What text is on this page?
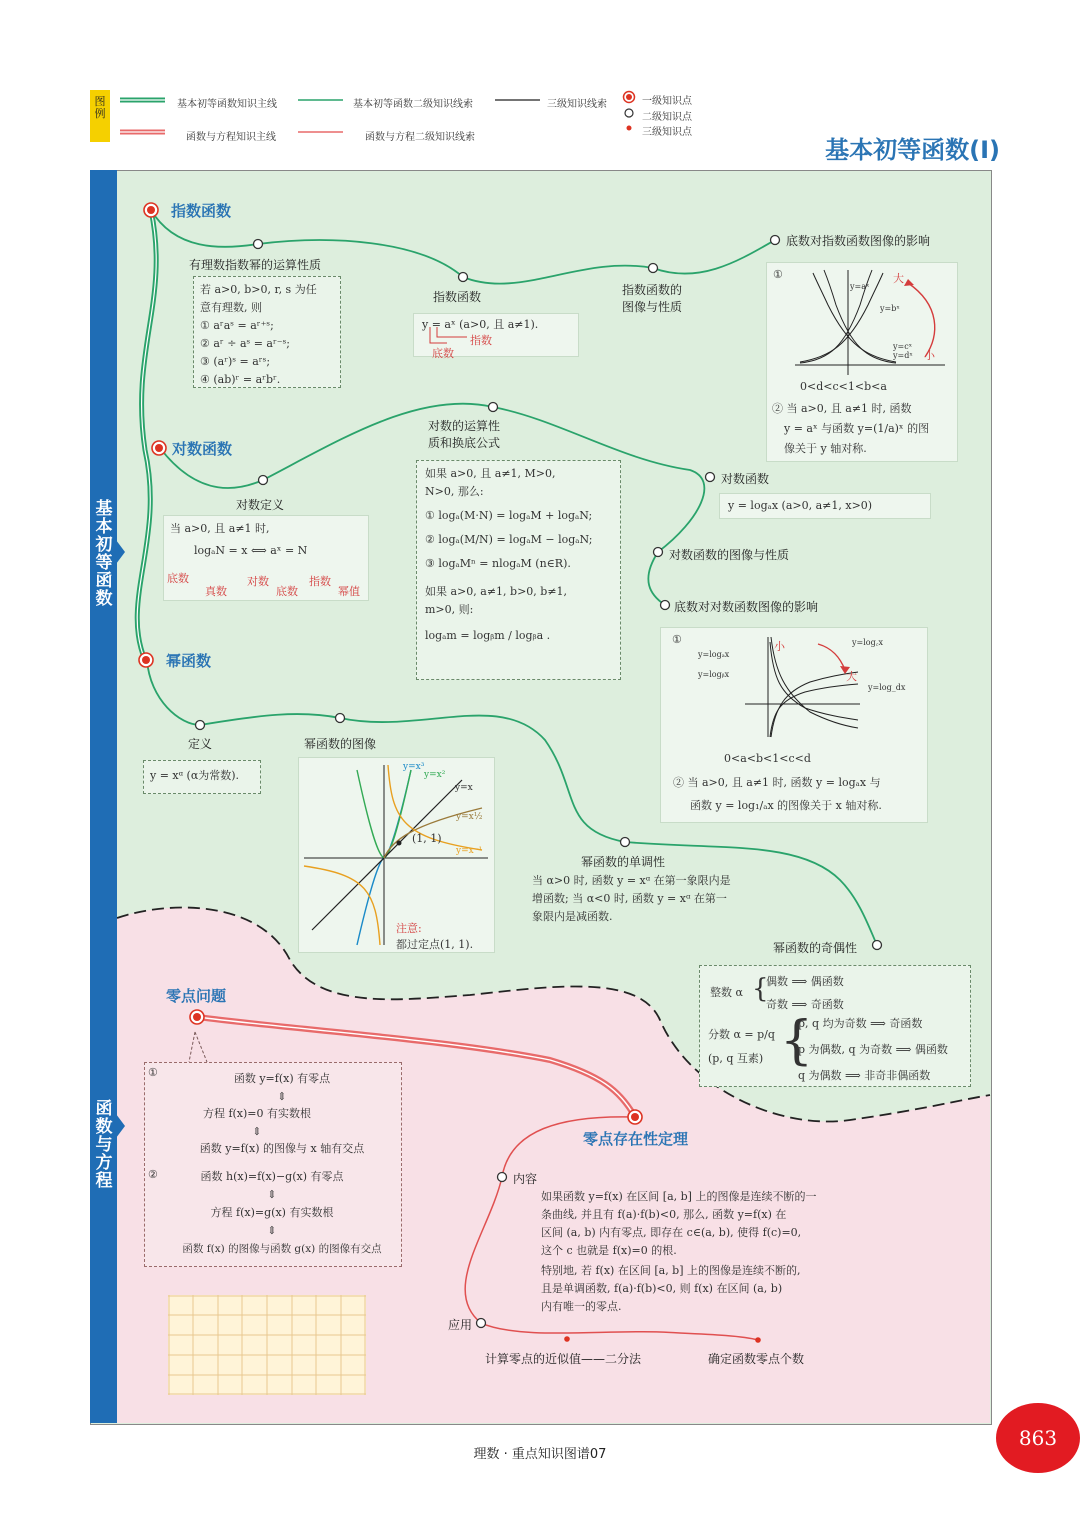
图例
基本初等函数知识主线	基本初等函数二级知识线索	三级知识线索
函数与方程知识主线	函数与方程二级知识线索
一级知识点
二级知识点
三级知识点
基本初等函数(Ⅰ)
基本初等函数
函数与方程
指数函数
有理数指数幂的运算性质
若 a>0, b>0, r, s 为任
意有理数, 则
① aʳaˢ = aʳ⁺ˢ;
② aʳ ÷ aˢ = aʳ⁻ˢ;
③ (aʳ)ˢ = aʳˢ;
④ (ab)ʳ = aʳbʳ.
指数函数
y = aˣ (a>0, 且 a≠1).
指数
底数
指数函数的
图像与性质
底数对指数函数图像的影响
①	大
小
y=aˣ
y=bˣ
y=cˣ
y=dˣ
0<d<c<1<b<a
② 当 a>0, 且 a≠1 时, 函数
y = aˣ 与函数 y=(1/a)ˣ 的图
像关于 y 轴对称.
对数函数
对数定义
当 a>0, 且 a≠1 时,
logₐN = x ⟺ aˣ = N
底数
真数
对数
底数
指数
幂值
对数的运算性
质和换底公式
如果 a>0, 且 a≠1, M>0,
N>0, 那么:
① logₐ(M·N) = logₐM + logₐN;
② logₐ(M/N) = logₐM − logₐN;
③ logₐMⁿ = nlogₐM (n∈R).
如果 a>0, a≠1, b>0, b≠1,
m>0, 则:
logₐm = logᵦm / logᵦa .
对数函数
y = logₐx (a>0, a≠1, x>0)
对数函数的图像与性质
底数对对数函数图像的影响
①
小
大
y=logₐx
y=logᵦx
y=log꜀x
y=log_dx
0<a<b<1<c<d
② 当 a>0, 且 a≠1 时, 函数 y = logₐx 与
函数 y = log₁/ₐx 的图像关于 x 轴对称.
幂函数
定义
y = xᵅ (α为常数).
幂函数的图像
y=x³
y=x²
y=x
y=x½
y=x⁻¹
(1, 1)
注意:
都过定点(1, 1).
幂函数的单调性
当 α>0 时, 函数 y = xᵅ 在第一象限内是
增函数; 当 α<0 时, 函数 y = xᵅ 在第一
象限内是减函数.
幂函数的奇偶性
整数 α {
偶数 ⟹ 偶函数
奇数 ⟹ 奇函数
分数 α = p/q
(p, q 互素) {
p, q 均为奇数 ⟹ 奇函数
p 为偶数, q 为奇数 ⟹ 偶函数
q 为偶数 ⟹ 非奇非偶函数
零点问题
①
②
函数 y=f(x) 有零点
⇕
方程 f(x)=0 有实数根
⇕
函数 y=f(x) 的图像与 x 轴有交点
函数 h(x)=f(x)−g(x) 有零点
⇕
方程 f(x)=g(x) 有实数根
⇕
函数 f(x) 的图像与函数 g(x) 的图像有交点
零点存在性定理
内容
如果函数 y=f(x) 在区间 [a, b] 上的图像是连续不断的一
条曲线, 并且有 f(a)·f(b)<0, 那么, 函数 y=f(x) 在
区间 (a, b) 内有零点, 即存在 c∈(a, b), 使得 f(c)=0,
这个 c 也就是 f(x)=0 的根.
特别地, 若 f(x) 在区间 [a, b] 上的图像是连续不断的,
且是单调函数, f(a)·f(b)<0, 则 f(x) 在区间 (a, b)
内有唯一的零点.
应用
计算零点的近似值——二分法	确定函数零点个数
理数 · 重点知识图谱07
863
